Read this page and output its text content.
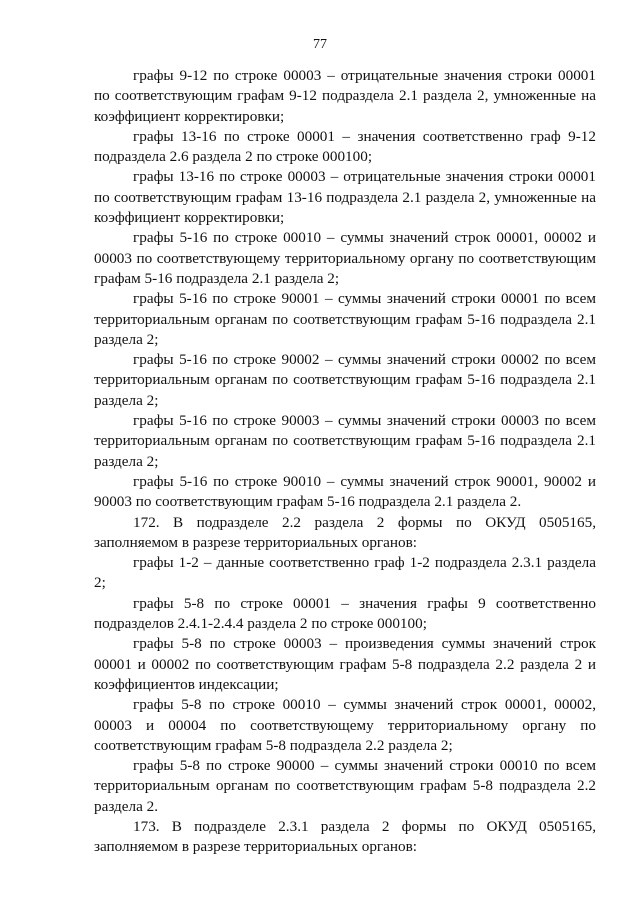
77

графы 9-12 по строке 00003 – отрицательные значения строки 00001 по соответствующим графам 9-12 подраздела 2.1 раздела 2, умноженные на коэффициент корректировки;

графы 13-16 по строке 00001 – значения соответственно граф 9-12 подраздела 2.6 раздела 2 по строке 000100;

графы 13-16 по строке 00003 – отрицательные значения строки 00001 по соответствующим графам 13-16 подраздела 2.1 раздела 2, умноженные на коэффициент корректировки;

графы 5-16 по строке 00010 – суммы значений строк 00001, 00002 и 00003 по соответствующему территориальному органу по соответствующим графам 5-16 подраздела 2.1 раздела 2;

графы 5-16 по строке 90001 – суммы значений строки 00001 по всем территориальным органам по соответствующим графам 5-16 подраздела 2.1 раздела 2;

графы 5-16 по строке 90002 – суммы значений строки 00002 по всем территориальным органам по соответствующим графам 5-16 подраздела 2.1 раздела 2;

графы 5-16 по строке 90003 – суммы значений строки 00003 по всем территориальным органам по соответствующим графам 5-16 подраздела 2.1 раздела 2;

графы 5-16 по строке 90010 – суммы значений строк 90001, 90002 и 90003 по соответствующим графам 5-16 подраздела 2.1 раздела 2.

172. В подразделе 2.2 раздела 2 формы по ОКУД 0505165, заполняемом в разрезе территориальных органов:

графы 1-2 – данные соответственно граф 1-2 подраздела 2.3.1 раздела 2;

графы 5-8 по строке 00001 – значения графы 9 соответственно подразделов 2.4.1-2.4.4 раздела 2 по строке 000100;

графы 5-8 по строке 00003 – произведения суммы значений строк 00001 и 00002 по соответствующим графам 5-8 подраздела 2.2 раздела 2 и коэффициентов индексации;

графы 5-8 по строке 00010 – суммы значений строк 00001, 00002, 00003 и 00004 по соответствующему территориальному органу по соответствующим графам 5-8 подраздела 2.2 раздела 2;

графы 5-8 по строке 90000 – суммы значений строки 00010 по всем территориальным органам по соответствующим графам 5-8 подраздела 2.2 раздела 2.

173. В подразделе 2.3.1 раздела 2 формы по ОКУД 0505165, заполняемом в разрезе территориальных органов:
